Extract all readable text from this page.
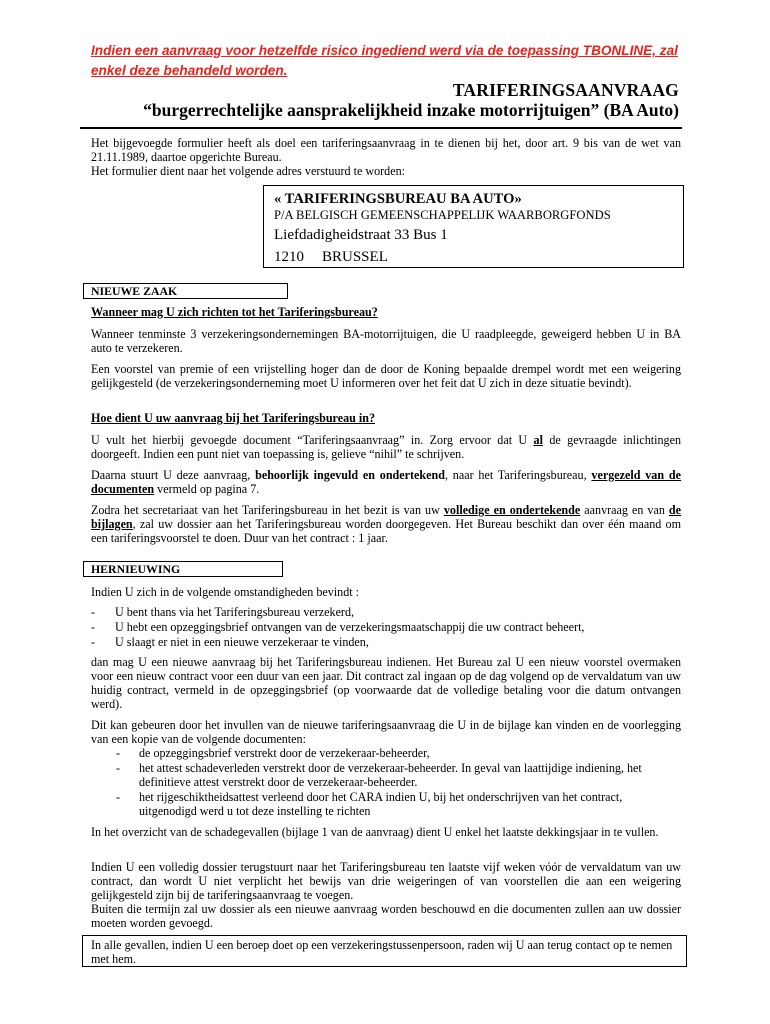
Indien een aanvraag voor hetzelfde risico ingediend werd via de toepassing TBONLINE, zal enkel deze behandeld worden.
TARIFERINGSAANVRAAG
“burgerrechtelijke aansprakelijkheid inzake motorrijtuigen” (BA Auto)
Het bijgevoegde formulier heeft als doel een tariferingsaanvraag in te dienen bij het, door art. 9 bis van de wet van 21.11.1989, daartoe opgerichte Bureau.
Het formulier dient naar het volgende adres verstuurd te worden:
« TARIFERINGSBUREAU BA AUTO»
P/A BELGISCH GEMEENSCHAPPELIJK WAARBORGFONDS
Liefdadigheidstraat 33 Bus 1
1210 BRUSSEL
NIEUWE ZAAK
Wanneer mag U zich richten tot het Tariferingsbureau?
Wanneer tenminste 3 verzekeringsondernemingen BA-motorrijtuigen, die U raadpleegde, geweigerd hebben U in BA auto te verzekeren.
Een voorstel van premie of een vrijstelling hoger dan de door de Koning bepaalde drempel wordt met een weigering gelijkgesteld (de verzekeringsonderneming moet U informeren over het feit dat U zich in deze situatie bevindt).
Hoe dient U uw aanvraag bij het Tariferingsbureau in?
U vult het hierbij gevoegde document “Tariferingsaanvraag” in. Zorg ervoor dat U al de gevraagde inlichtingen doorgeeft. Indien een punt niet van toepassing is, gelieve “nihil” te schrijven.
Daarna stuurt U deze aanvraag, behoorlijk ingevuld en ondertekend, naar het Tariferingsbureau, vergezeld van de documenten vermeld op pagina 7.
Zodra het secretariaat van het Tariferingsbureau in het bezit is van uw volledige en ondertekende aanvraag en van de bijlagen, zal uw dossier aan het Tariferingsbureau worden doorgegeven. Het Bureau beschikt dan over één maand om een tariferingsvoorstel te doen. Duur van het contract : 1 jaar.
HERNIEUWING
Indien U zich in de volgende omstandigheden bevindt :
- U bent thans via het Tariferingsbureau verzekerd,
- U hebt een opzeggingsbrief ontvangen van de verzekeringsmaatschappij die uw contract beheert,
- U slaagt er niet in een nieuwe verzekeraar te vinden,
dan mag U een nieuwe aanvraag bij het Tariferingsbureau indienen. Het Bureau zal U een nieuw voorstel overmaken voor een nieuw contract voor een duur van een jaar. Dit contract zal ingaan op de dag volgend op de vervaldatum van uw huidig contract, vermeld in de opzeggingsbrief (op voorwaarde dat de volledige betaling voor die datum ontvangen werd).
Dit kan gebeuren door het invullen van de nieuwe tariferingsaanvraag die U in de bijlage kan vinden en de voorlegging van een kopie van de volgende documenten:
- de opzeggingsbrief verstrekt door de verzekeraar-beheerder,
- het attest schadeverleden verstrekt door de verzekeraar-beheerder. In geval van laattijdige indiening, het definitieve attest verstrekt door de verzekeraar-beheerder.
- het rijgeschiktheidsattest verleend door het CARA indien U, bij het onderschrijven van het contract, uitgenodigd werd u tot deze instelling te richten
In het overzicht van de schadegevallen (bijlage 1 van de aanvraag) dient U enkel het laatste dekkingsjaar in te vullen.
Indien U een volledig dossier terugstuurt naar het Tariferingsbureau ten laatste vijf weken vóór de vervaldatum van uw contract, dan wordt U niet verplicht het bewijs van drie weigeringen of van voorstellen die aan een weigering gelijkgesteld zijn bij de tariferingsaanvraag te voegen.
Buiten die termijn zal uw dossier als een nieuwe aanvraag worden beschouwd en die documenten zullen aan uw dossier moeten worden gevoegd.
In alle gevallen, indien U een beroep doet op een verzekeringstussenpersoon, raden wij U aan terug contact op te nemen met hem.
